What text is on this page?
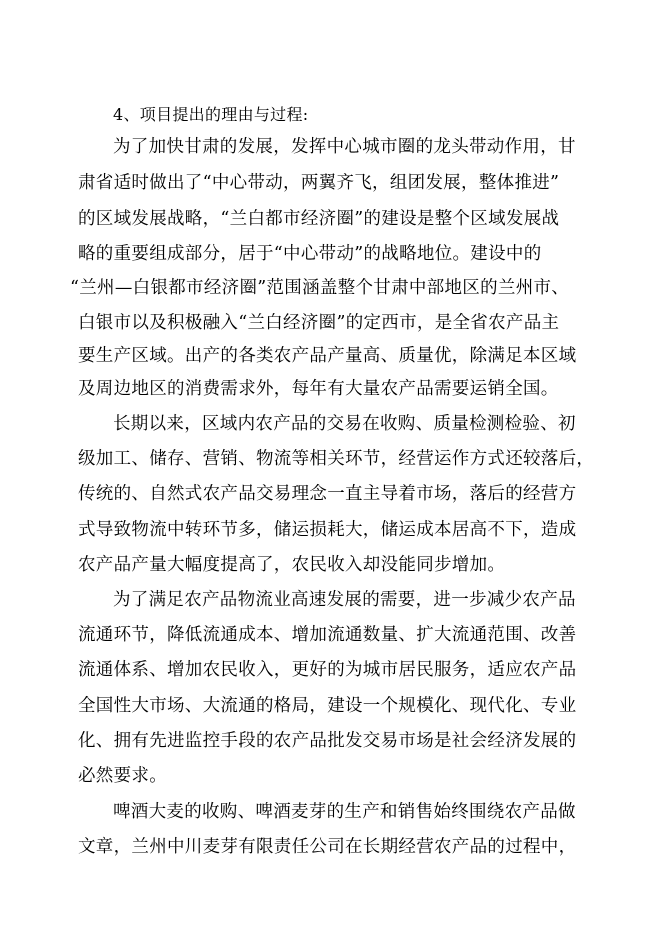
4、项目提出的理由与过程:
为了加快甘肃的发展，发挥中心城市圈的龙头带动作用，甘
肃省适时做出了“中心带动，两翼齐飞，组团发展，整体推进”
的区域发展战略，“兰白都市经济圈”的建设是整个区域发展战
略的重要组成部分，居于“中心带动”的战略地位。建设中的
“兰州—白银都市经济圈”范围涵盖整个甘肃中部地区的兰州市、
白银市以及积极融入“兰白经济圈”的定西市，是全省农产品主
要生产区域。出产的各类农产品产量高、质量优，除满足本区域
及周边地区的消费需求外，每年有大量农产品需要运销全国。
长期以来，区域内农产品的交易在收购、质量检测检验、初
级加工、储存、营销、物流等相关环节，经营运作方式还较落后，
传统的、自然式农产品交易理念一直主导着市场，落后的经营方
式导致物流中转环节多，储运损耗大，储运成本居高不下，造成
农产品产量大幅度提高了，农民收入却没能同步增加。
为了满足农产品物流业高速发展的需要，进一步减少农产品
流通环节，降低流通成本、增加流通数量、扩大流通范围、改善
流通体系、增加农民收入，更好的为城市居民服务，适应农产品
全国性大市场、大流通的格局，建设一个规模化、现代化、专业
化、拥有先进监控手段的农产品批发交易市场是社会经济发展的
必然要求。
啤酒大麦的收购、啤酒麦芽的生产和销售始终围绕农产品做
文章，兰州中川麦芽有限责任公司在长期经营农产品的过程中，
